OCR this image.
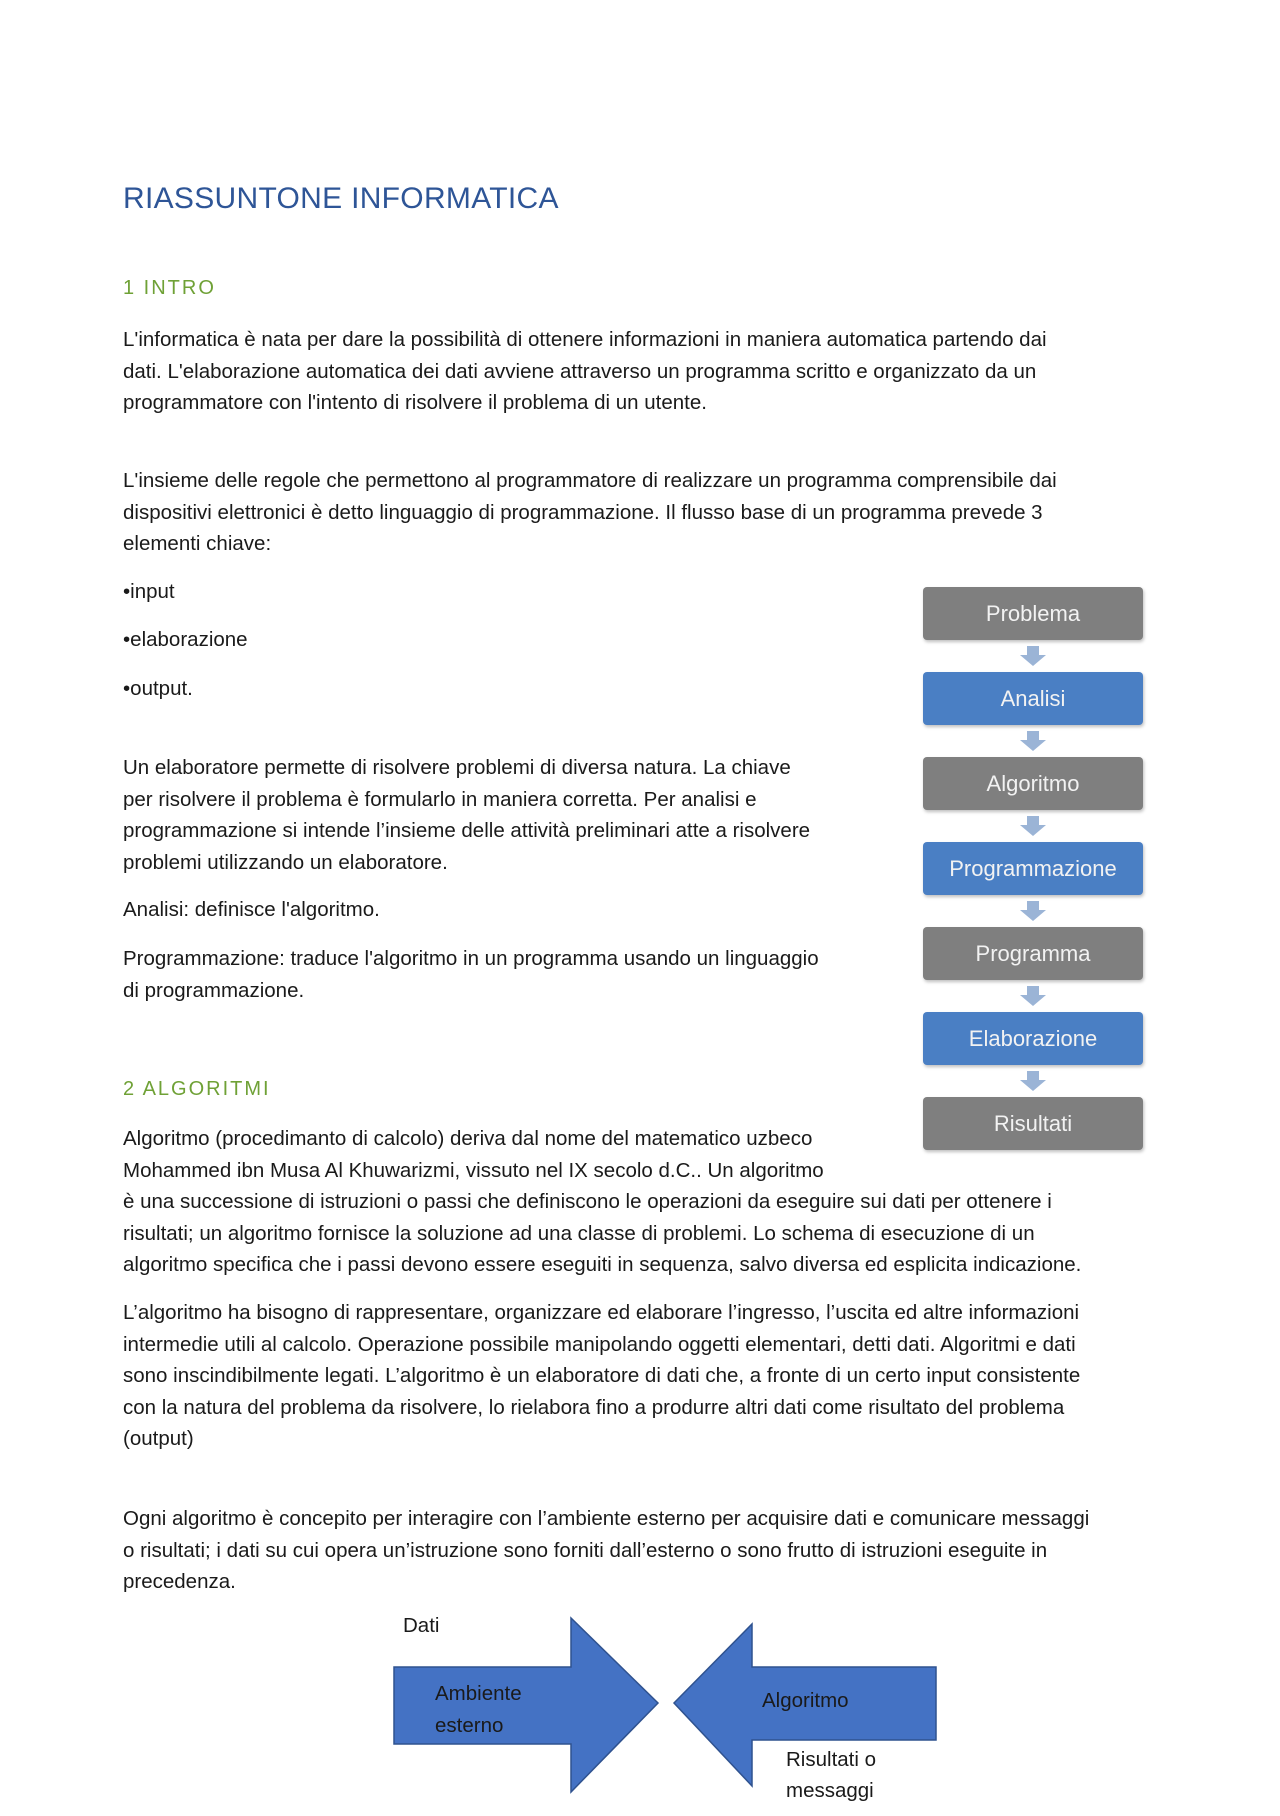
RIASSUNTONE INFORMATICA
1 INTRO
L'informatica è nata per dare la possibilità di ottenere informazioni in maniera automatica partendo dai
dati. L'elaborazione automatica dei dati avviene attraverso un programma scritto e organizzato da un
programmatore con l'intento di risolvere il problema di un utente.
L'insieme delle regole che permettono al programmatore di realizzare un programma comprensibile dai
dispositivi elettronici è detto linguaggio di programmazione. Il flusso base di un programma prevede 3
elementi chiave:
•input
•elaborazione
•output.
Un elaboratore permette di risolvere problemi di diversa natura. La chiave
per risolvere il problema è formularlo in maniera corretta. Per analisi e
programmazione si intende l’insieme delle attività preliminari atte a risolvere
problemi utilizzando un elaboratore.
Analisi: definisce l'algoritmo.
Programmazione: traduce l'algoritmo in un programma usando un linguaggio
di programmazione.
2 ALGORITMI
Algoritmo (procedimanto di calcolo) deriva dal nome del matematico uzbeco
Mohammed ibn Musa Al Khuwarizmi, vissuto nel IX secolo d.C.. Un algoritmo
è una successione di istruzioni o passi che definiscono le operazioni da eseguire sui dati per ottenere i
risultati; un algoritmo fornisce la soluzione ad una classe di problemi. Lo schema di esecuzione di un
algoritmo specifica che i passi devono essere eseguiti in sequenza, salvo diversa ed esplicita indicazione.
L’algoritmo ha bisogno di rappresentare, organizzare ed elaborare l’ingresso, l’uscita ed altre informazioni
intermedie utili al calcolo. Operazione possibile manipolando oggetti elementari, detti dati. Algoritmi e dati
sono inscindibilmente legati. L’algoritmo è un elaboratore di dati che, a fronte di un certo input consistente
con la natura del problema da risolvere, lo rielabora fino a produrre altri dati come risultato del problema
(output)
Ogni algoritmo è concepito per interagire con l’ambiente esterno per acquisire dati e comunicare messaggi
o risultati; i dati su cui opera un’istruzione sono forniti dall’esterno o sono frutto di istruzioni eseguite in
precedenza.
Problema
Analisi
Algoritmo
Programmazione
Programma
Elaborazione
Risultati
Dati
Ambiente
esterno
Algoritmo
Risultati o
messaggi
